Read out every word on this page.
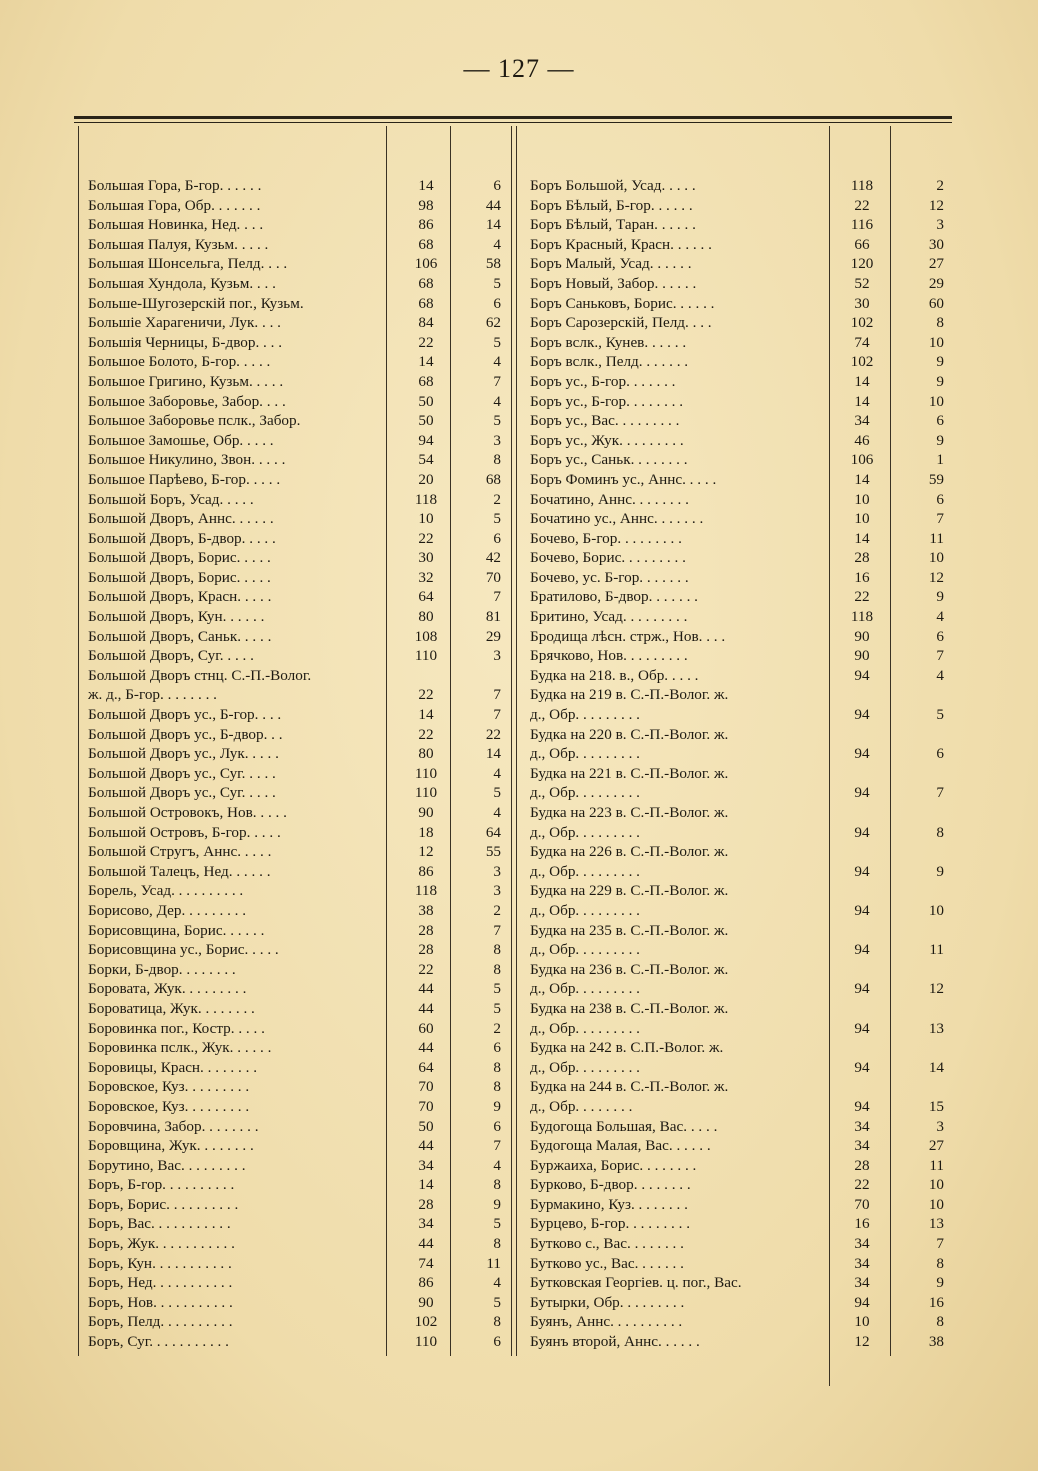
— 127 —
Большая Гора, Б-гор. . . . . .	14	6
Большая Гора, Обр. . . . . . .	98	44
Большая Новинка, Нед. . . .	86	14
Большая Палуя, Кузьм. . . . .	68	4
Большая Шонсельга, Пелд. . . .	106	58
Большая Хундола, Кузьм. . . .	68	5
Больше-Шугозерскій пог., Кузьм.	68	6
Большіе Харагеничи, Лук. . . .	84	62
Большія Черницы, Б-двор. . . .	22	5
Большое Болото, Б-гор. . . . .	14	4
Большое Григино, Кузьм. . . . .	68	7
Большое Заборовье, Забор. . . .	50	4
Большое Заборовье пслк., Забор.	50	5
Большое Замошье, Обр. . . . .	94	3
Большое Никулино, Звон. . . . .	54	8
Большое Парѣево, Б-гор. . . . .	20	68
Большой Боръ, Усад. . . . .	118	2
Большой Дворъ, Аннс. . . . . .	10	5
Большой Дворъ, Б-двор. . . . .	22	6
Большой Дворъ, Борис. . . . .	30	42
Большой Дворъ, Борис. . . . .	32	70
Большой Дворъ, Красн. . . . .	64	7
Большой Дворъ, Кун. . . . . .	80	81
Большой Дворъ, Саньк. . . . .	108	29
Большой Дворъ, Суг. . . . .	110	3
Большой Дворъ стнц. С.-П.-Волог.
ж. д., Б-гор. . . . . . . .	22	7
Большой Дворъ ус., Б-гор. . . .	14	7
Большой Дворъ ус., Б-двор. . .	22	22
Большой Дворъ ус., Лук. . . . .	80	14
Большой Дворъ ус., Суг. . . . .	110	4
Большой Дворъ ус., Суг. . . . .	110	5
Большой Островокъ, Нов. . . . .	90	4
Большой Островъ, Б-гор. . . . .	18	64
Большой Стругъ, Аннс. . . . .	12	55
Большой Талецъ, Нед. . . . . .	86	3
Борель, Усад. . . . . . . . . .	118	3
Борисово, Дер. . . . . . . . .	38	2
Борисовщина, Борис. . . . . .	28	7
Борисовщина ус., Борис. . . . .	28	8
Борки, Б-двор. . . . . . . .	22	8
Боровата, Жук. . . . . . . . .	44	5
Бороватица, Жук. . . . . . . .	44	5
Боровинка пог., Костр. . . . .	60	2
Боровинка пслк., Жук. . . . . .	44	6
Боровицы, Красн. . . . . . . .	64	8
Боровское, Куз. . . . . . . . .	70	8
Боровское, Куз. . . . . . . . .	70	9
Боровчина, Забор. . . . . . . .	50	6
Боровщина, Жук. . . . . . . .	44	7
Борутино, Вас. . . . . . . . .	34	4
Боръ, Б-гор. . . . . . . . . .	14	8
Боръ, Борис. . . . . . . . . .	28	9
Боръ, Вас. . . . . . . . . . .	34	5
Боръ, Жук. . . . . . . . . . .	44	8
Боръ, Кун. . . . . . . . . . .	74	11
Боръ, Нед. . . . . . . . . . .	86	4
Боръ, Нов. . . . . . . . . . .	90	5
Боръ, Пелд. . . . . . . . . .	102	8
Боръ, Суг. . . . . . . . . . .	110	6
Боръ Большой, Усад. . . . .	118	2
Боръ Бѣлый, Б-гор. . . . . .	22	12
Боръ Бѣлый, Таран. . . . . .	116	3
Боръ Красный, Красн. . . . . .	66	30
Боръ Малый, Усад. . . . . .	120	27
Боръ Новый, Забор. . . . . .	52	29
Боръ Саньковъ, Борис. . . . . .	30	60
Боръ Сарозерскій, Пелд. . . .	102	8
Боръ вслк., Кунев. . . . . .	74	10
Боръ вслк., Пелд. . . . . . .	102	9
Боръ ус., Б-гор. . . . . . .	14	9
Боръ ус., Б-гор. . . . . . . .	14	10
Боръ ус., Вас. . . . . . . . .	34	6
Боръ ус., Жук. . . . . . . . .	46	9
Боръ ус., Саньк. . . . . . . .	106	1
Боръ Фоминъ ус., Аннс. . . . .	14	59
Бочатино, Аннс. . . . . . . .	10	6
Бочатино ус., Аннс. . . . . . .	10	7
Бочево, Б-гор. . . . . . . . .	14	11
Бочево, Борис. . . . . . . . .	28	10
Бочево, ус. Б-гор. . . . . . .	16	12
Братилово, Б-двор. . . . . . .	22	9
Бритино, Усад. . . . . . . . .	118	4
Бродища лѣсн. стрж., Нов. . . .	90	6
Брячково, Нов. . . . . . . . .	90	7
Будка на 218. в., Обр. . . . .	94	4
Будка на 219 в. С.-П.-Волог. ж.
д., Обр. . . . . . . . .	94	5
Будка на 220 в. С.-П.-Волог. ж.
д., Обр. . . . . . . . .	94	6
Будка на 221 в. С.-П.-Волог. ж.
д., Обр. . . . . . . . .	94	7
Будка на 223 в. С.-П.-Волог. ж.
д., Обр. . . . . . . . .	94	8
Будка на 226 в. С.-П.-Волог. ж.
д., Обр. . . . . . . . .	94	9
Будка на 229 в. С.-П.-Волог. ж.
д., Обр. . . . . . . . .	94	10
Будка на 235 в. С.-П.-Волог. ж.
д., Обр. . . . . . . . .	94	11
Будка на 236 в. С.-П.-Волог. ж.
д., Обр. . . . . . . . .	94	12
Будка на 238 в. С.-П.-Волог. ж.
д., Обр. . . . . . . . .	94	13
Будка на 242 в. С.П.-Волог. ж.
д., Обр. . . . . . . . .	94	14
Будка на 244 в. С.-П.-Волог. ж.
д., Обр. . . . . . . .	94	15
Будогоща Большая, Вас. . . . .	34	3
Будогоща Малая, Вас. . . . . .	34	27
Буржаиха, Борис. . . . . . . .	28	11
Бурково, Б-двор. . . . . . . .	22	10
Бурмакино, Куз. . . . . . . .	70	10
Бурцево, Б-гор. . . . . . . . .	16	13
Бутково с., Вас. . . . . . . .	34	7
Бутково ус., Вас. . . . . . .	34	8
Бутковская Георгіев. ц. пог., Вас.	34	9
Бутырки, Обр. . . . . . . . .	94	16
Буянъ, Аннс. . . . . . . . . .	10	8
Буянъ второй, Аннс. . . . . .	12	38
